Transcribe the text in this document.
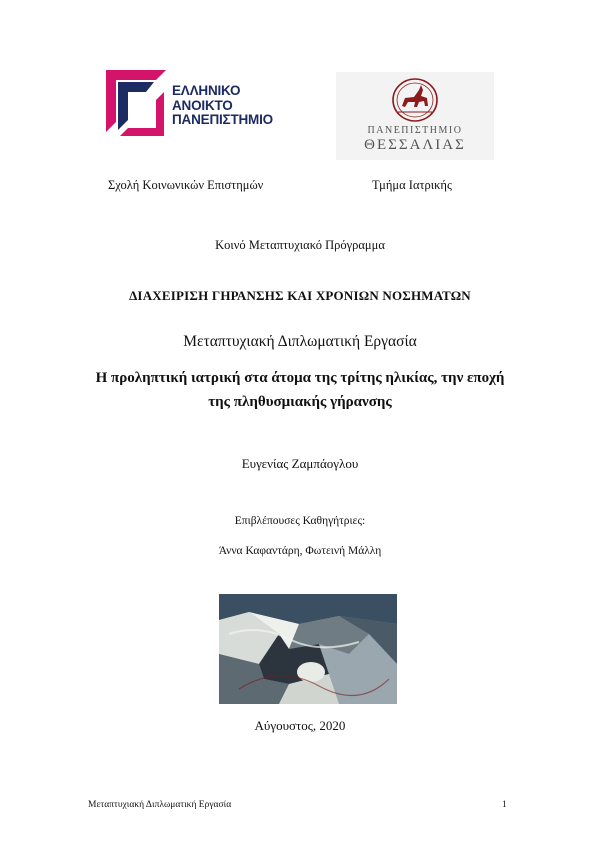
ΕΛΛΗΝΙΚΟ
ΑΝΟΙΚΤΟ
ΠΑΝΕΠΙΣΤΗΜΙΟ
ΠΑΝΕΠΙΣΤΗΜΙΟ
ΘΕΣΣΑΛΙΑΣ
Σχολή Κοινωνικών Επιστημών	Τμήμα Ιατρικής
Κοινό Μεταπτυχιακό Πρόγραμμα
ΔΙΑΧΕΙΡΙΣΗ ΓΗΡΑΝΣΗΣ ΚΑΙ ΧΡΟΝΙΩΝ ΝΟΣΗΜΑΤΩΝ
Μεταπτυχιακή Διπλωματική Εργασία
Η προληπτική ιατρική στα άτομα της τρίτης ηλικίας, την εποχή
της πληθυσμιακής γήρανσης
Ευγενίας Ζαμπάογλου
Επιβλέπουσες Καθηγήτριες:
Άννα Καφαντάρη, Φωτεινή Μάλλη
Αύγουστος, 2020
Μεταπτυχιακή Διπλωματική Εργασία	1
